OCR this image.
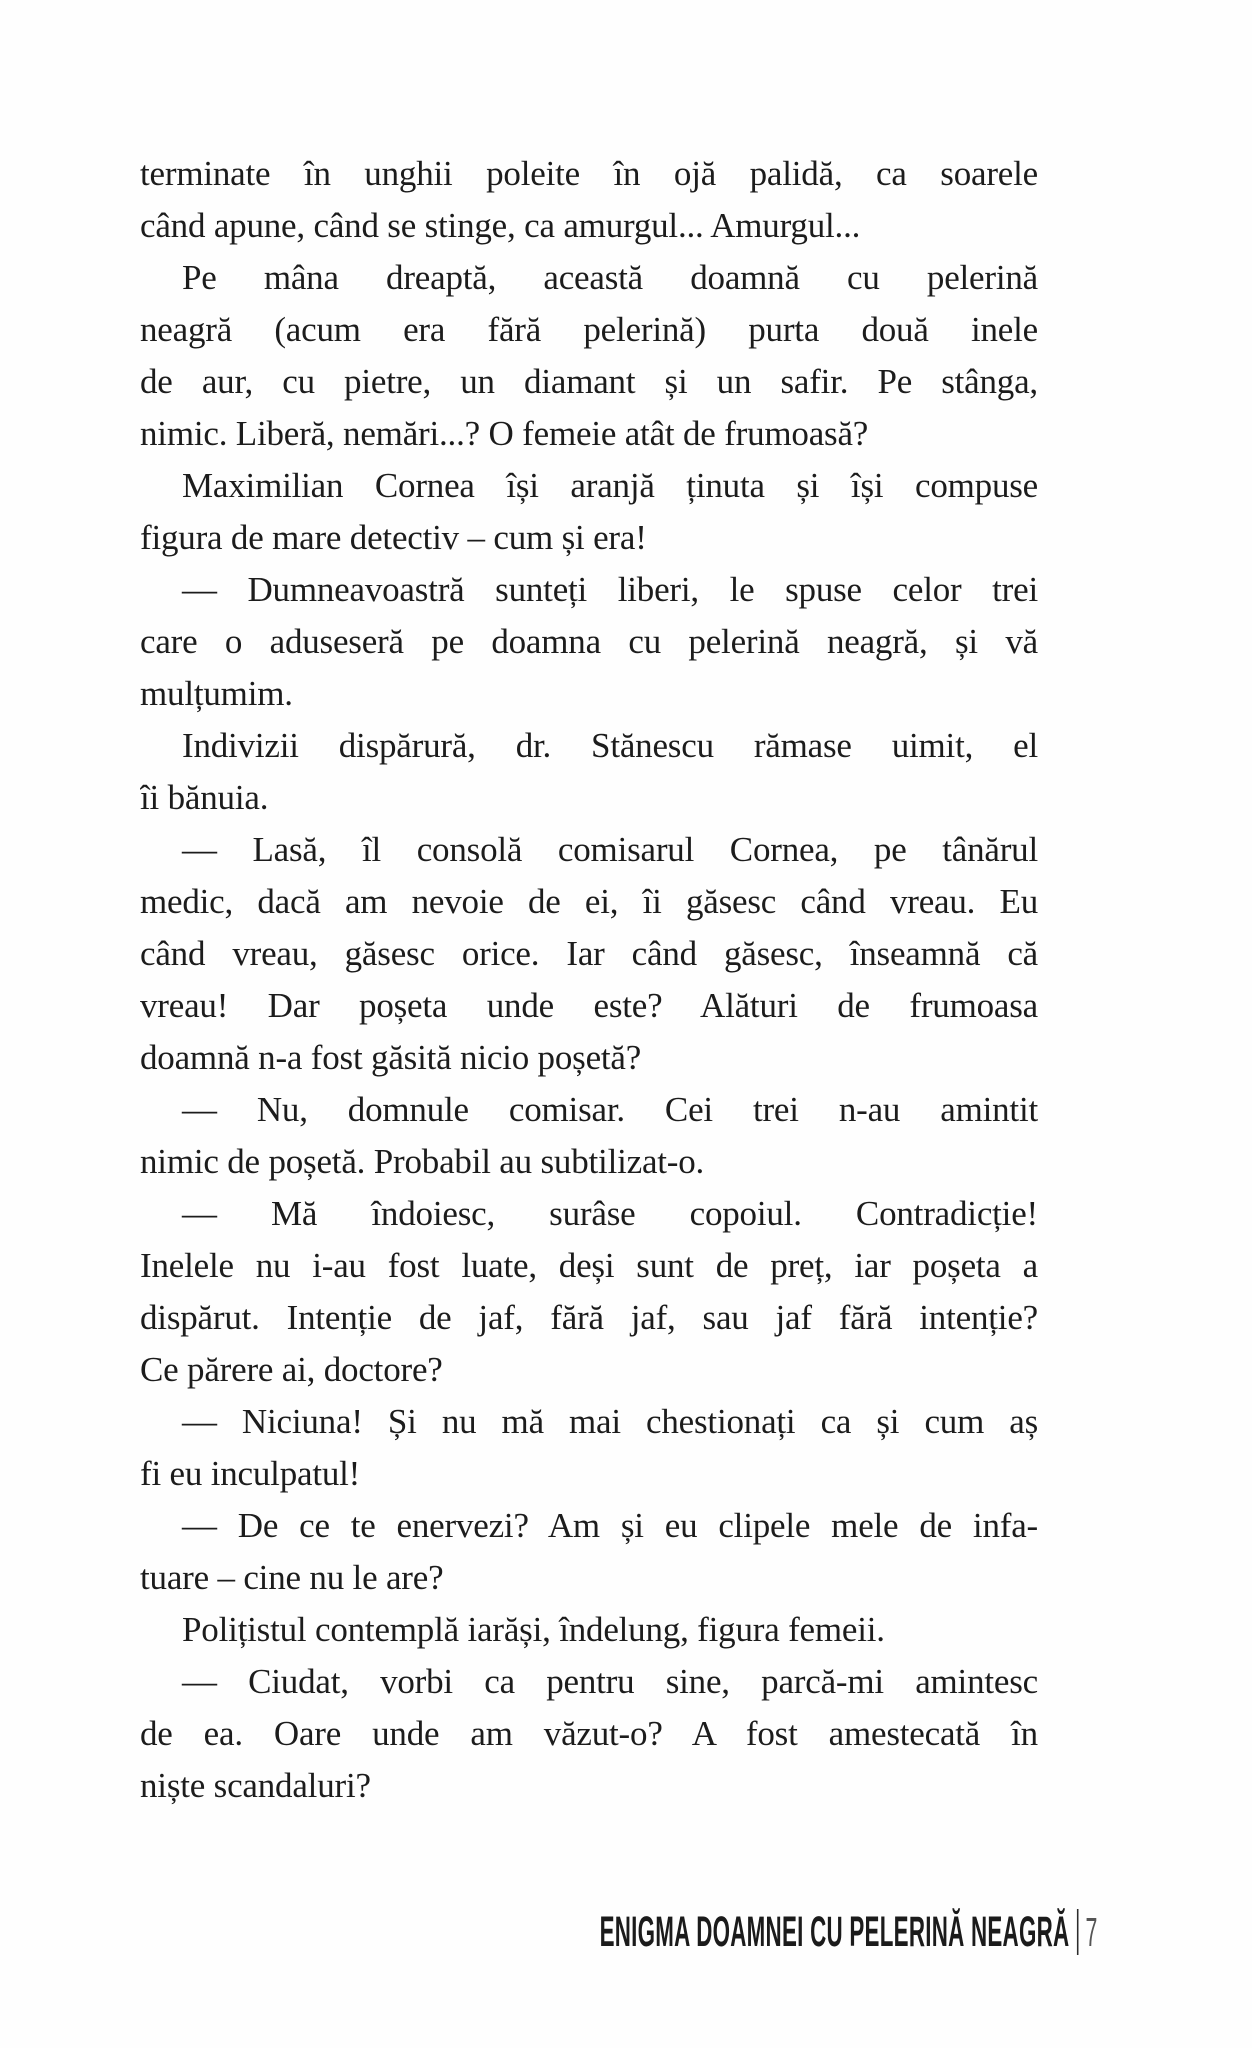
terminate în unghii poleite în ojă palidă, ca soarele
când apune, când se stinge, ca amurgul... Amurgul...
Pe mâna dreaptă, această doamnă cu pelerină
neagră (acum era fără pelerină) purta două inele
de aur, cu pietre, un diamant și un safir. Pe stânga,
nimic. Liberă, nemări...? O femeie atât de frumoasă?
Maximilian Cornea își aranjă ținuta și își compuse
figura de mare detectiv – cum și era!
— Dumneavoastră sunteți liberi, le spuse celor trei
care o aduseseră pe doamna cu pelerină neagră, și vă
mulțumim.
Indivizii dispărură, dr. Stănescu rămase uimit, el
îi bănuia.
— Lasă, îl consolă comisarul Cornea, pe tânărul
medic, dacă am nevoie de ei, îi găsesc când vreau. Eu
când vreau, găsesc orice. Iar când găsesc, înseamnă că
vreau! Dar poșeta unde este? Alături de frumoasa
doamnă n-a fost găsită nicio poșetă?
— Nu, domnule comisar. Cei trei n-au amintit
nimic de poșetă. Probabil au subtilizat-o.
— Mă îndoiesc, surâse copoiul. Contradicție!
Inelele nu i-au fost luate, deși sunt de preț, iar poșeta a
dispărut. Intenție de jaf, fără jaf, sau jaf fără intenție?
Ce părere ai, doctore?
— Niciuna! Și nu mă mai chestionați ca și cum aș
fi eu inculpatul!
— De ce te enervezi? Am și eu clipele mele de infa-
tuare – cine nu le are?
Polițistul contemplă iarăși, îndelung, figura femeii.
— Ciudat, vorbi ca pentru sine, parcă-mi amintesc
de ea. Oare unde am văzut-o? A fost amestecată în
niște scandaluri?
ENIGMA DOAMNEI CU PELERINĂ NEAGRĂ 7
